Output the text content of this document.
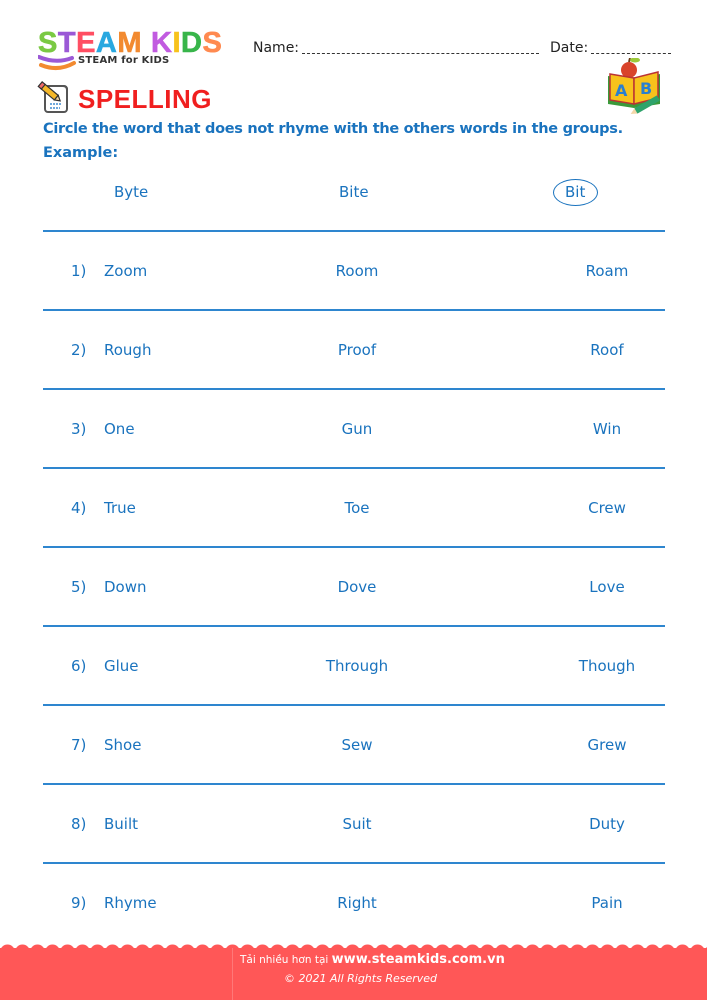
STEAM KIDS
STEAM for KIDS
Name:	Date:
SPELLING	A B
Circle the word that does not rhyme with the others words in the groups.
Example:
Byte	Bite	Bit
1) Zoom	Room	Roam
2) Rough	Proof	Roof
3) One	Gun	Win
4) True	Toe	Crew
5) Down	Dove	Love
6) Glue	Through	Though
7) Shoe	Sew	Grew
8) Built	Suit	Duty
9) Rhyme	Right	Pain
Tải nhiều hơn tại www.steamkids.com.vn
© 2021 All Rights Reserved
